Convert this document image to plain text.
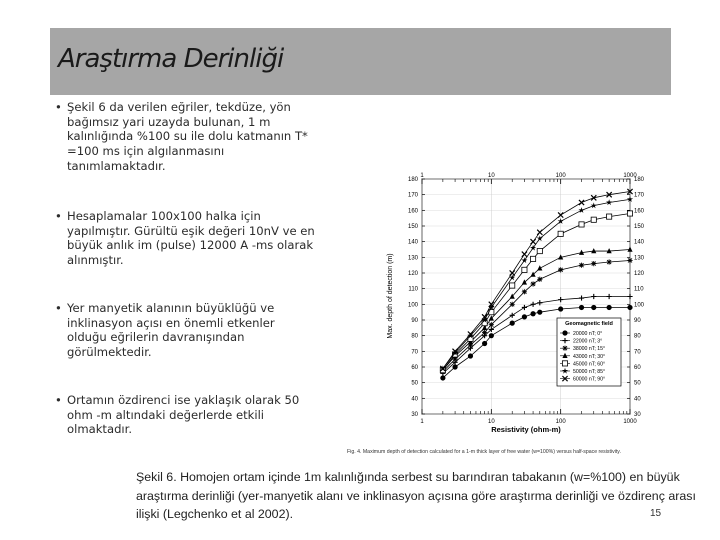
Araştırma Derinliği
• Şekil 6 da verilen eğriler, tekdüze, yön bağımsız yari uzayda bulunan, 1 m kalınlığında %100 su ile dolu katmanın T* =100 ms için algılanmasını tanımlamaktadır.
• Hesaplamalar 100x100 halka için yapılmıştır. Gürültü eşik değeri 10nV ve en büyük anlık im (pulse) 12000 A -ms olarak alınmıştır.
• Yer manyetik alanının büyüklüğü ve inklinasyon açısı en önemli etkenler olduğu eğrilerin davranışından görülmektedir.
• Ortamın özdirenci ise yaklaşık olarak 50 ohm -m altındaki değerlerde etkili olmaktadır.
30	30
40	40
50	50
60	60
70	70
80	80
90	90
100	100
110	110
120	120
130	130
140	140
150	150
160	160
170	170
180	180
1
1
10
10
100
100
1000
1000
Max. depth of detection (m)
Resistivity (ohm-m)
Geomagnetic field
20000 nT; 0°
22000 nT; 3°
38000 nT; 15°
43000 nT; 30°
45000 nT; 60°
50000 nT; 85°
60000 nT; 90°
Fig. 4. Maximum depth of detection calculated for a 1-m thick layer of free water (w=100%) versus half-space resistivity.

Şekil 6. Homojen ortam içinde 1m kalınlığında serbest su barındıran tabakanın (w=%100) en büyük araştırma derinliği (yer-manyetik alanı ve inklinasyon açısına göre araştırma derinliği ve özdirenç arası ilişki (Legchenko et al 2002).	15
